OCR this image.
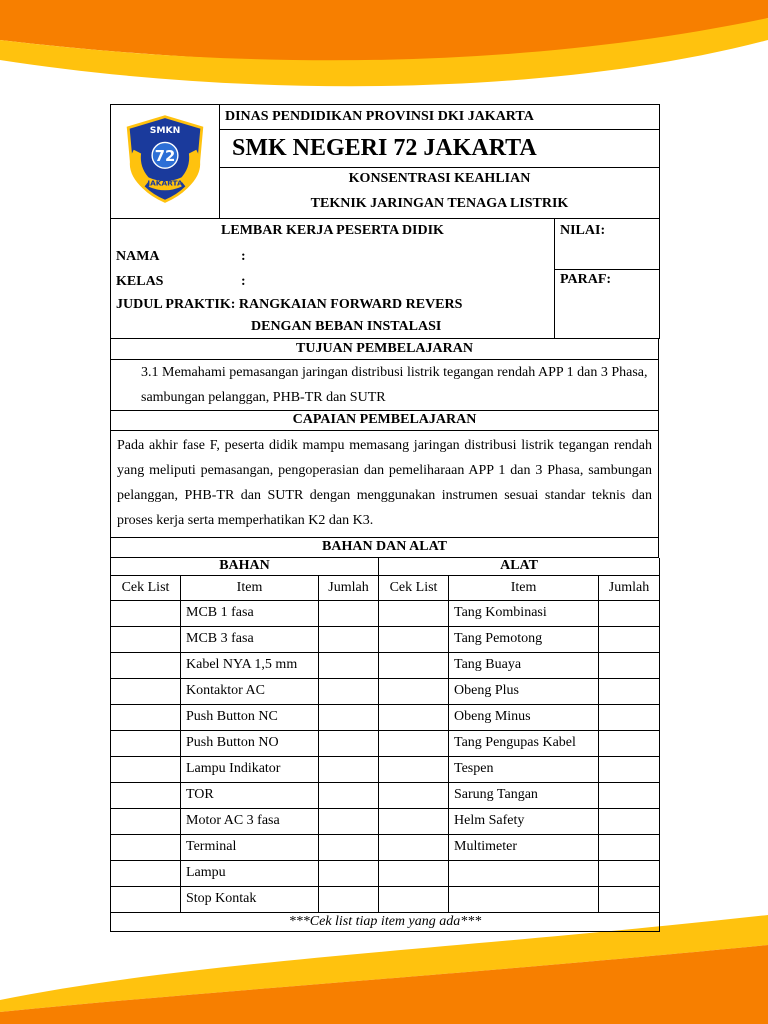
SMKN
72
JAKARTA
	DINAS PENDIDIKAN PROVINSI DKI JAKARTA
SMK NEGERI 72 JAKARTA
KONSENTRASI KEAHLIAN
TEKNIK JARINGAN TENAGA LISTRIK
LEMBAR KERJA PESERTA DIDIK	NILAI:
NAMA :	
KELAS :	PARAF:
JUDUL PRAKTIK: RANGKAIAN FORWARD REVERS	
DENGAN BEBAN INSTALASI	
TUJUAN PEMBELAJARAN
3.1 Memahami pemasangan jaringan distribusi listrik tegangan rendah APP 1 dan 3 Phasa, sambungan pelanggan, PHB-TR dan SUTR
CAPAIAN PEMBELAJARAN
Pada akhir fase F, peserta didik mampu memasang jaringan distribusi listrik tegangan rendah yang meliputi pemasangan, pengoperasian dan pemeliharaan APP 1 dan 3 Phasa, sambungan pelanggan, PHB-TR dan SUTR dengan menggunakan instrumen sesuai standar teknis dan proses kerja serta memperhatikan K2 dan K3.
BAHAN DAN ALAT
BAHAN			ALAT		
Cek List	Item	Jumlah	Cek List	Item	Jumlah
	MCB 1 fasa			Tang Kombinasi	
	MCB 3 fasa			Tang Pemotong	
	Kabel NYA 1,5 mm			Tang Buaya	
	Kontaktor AC			Obeng Plus	
	Push Button NC			Obeng Minus	
	Push Button NO			Tang Pengupas Kabel	
	Lampu Indikator			Tespen	
	TOR			Sarung Tangan	
	Motor AC 3 fasa			Helm Safety	
	Terminal			Multimeter	
	Lampu				
	Stop Kontak				
***Cek list tiap item yang ada***					
